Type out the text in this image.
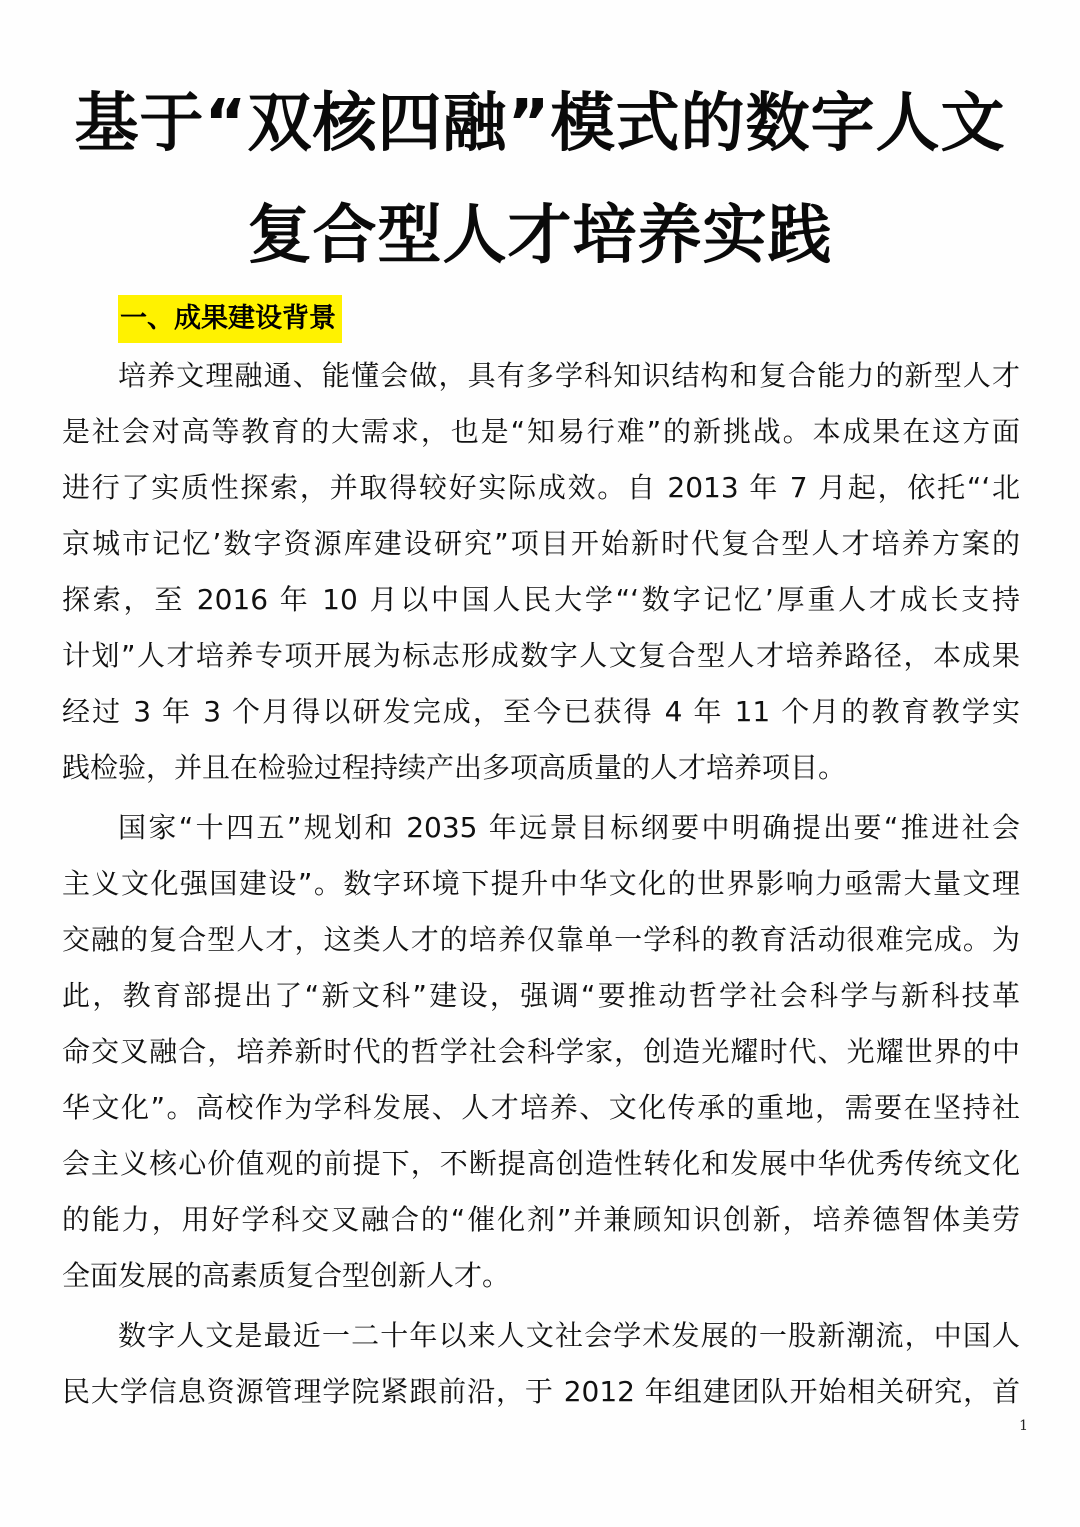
基于“双核四融”模式的数字人文
复合型人才培养实践
一、成果建设背景
培养文理融通、能懂会做，具有多学科知识结构和复合能力的新型人才
是社会对高等教育的大需求，也是“知易行难”的新挑战。本成果在这方面
进行了实质性探索，并取得较好实际成效。自 2013 年 7 月起，依托“‘北
京城市记忆’数字资源库建设研究”项目开始新时代复合型人才培养方案的
探索，至 2016 年 10 月以中国人民大学“‘数字记忆’厚重人才成长支持
计划”人才培养专项开展为标志形成数字人文复合型人才培养路径，本成果
经过 3 年 3 个月得以研发完成，至今已获得 4 年 11 个月的教育教学实
践检验，并且在检验过程持续产出多项高质量的人才培养项目。
国家“十四五”规划和 2035 年远景目标纲要中明确提出要“推进社会
主义文化强国建设”。数字环境下提升中华文化的世界影响力亟需大量文理
交融的复合型人才，这类人才的培养仅靠单一学科的教育活动很难完成。为
此，教育部提出了“新文科”建设，强调“要推动哲学社会科学与新科技革
命交叉融合，培养新时代的哲学社会科学家，创造光耀时代、光耀世界的中
华文化”。高校作为学科发展、人才培养、文化传承的重地，需要在坚持社
会主义核心价值观的前提下，不断提高创造性转化和发展中华优秀传统文化
的能力，用好学科交叉融合的“催化剂”并兼顾知识创新，培养德智体美劳
全面发展的高素质复合型创新人才。
数字人文是最近一二十年以来人文社会学术发展的一股新潮流，中国人
民大学信息资源管理学院紧跟前沿，于 2012 年组建团队开始相关研究，首
1
